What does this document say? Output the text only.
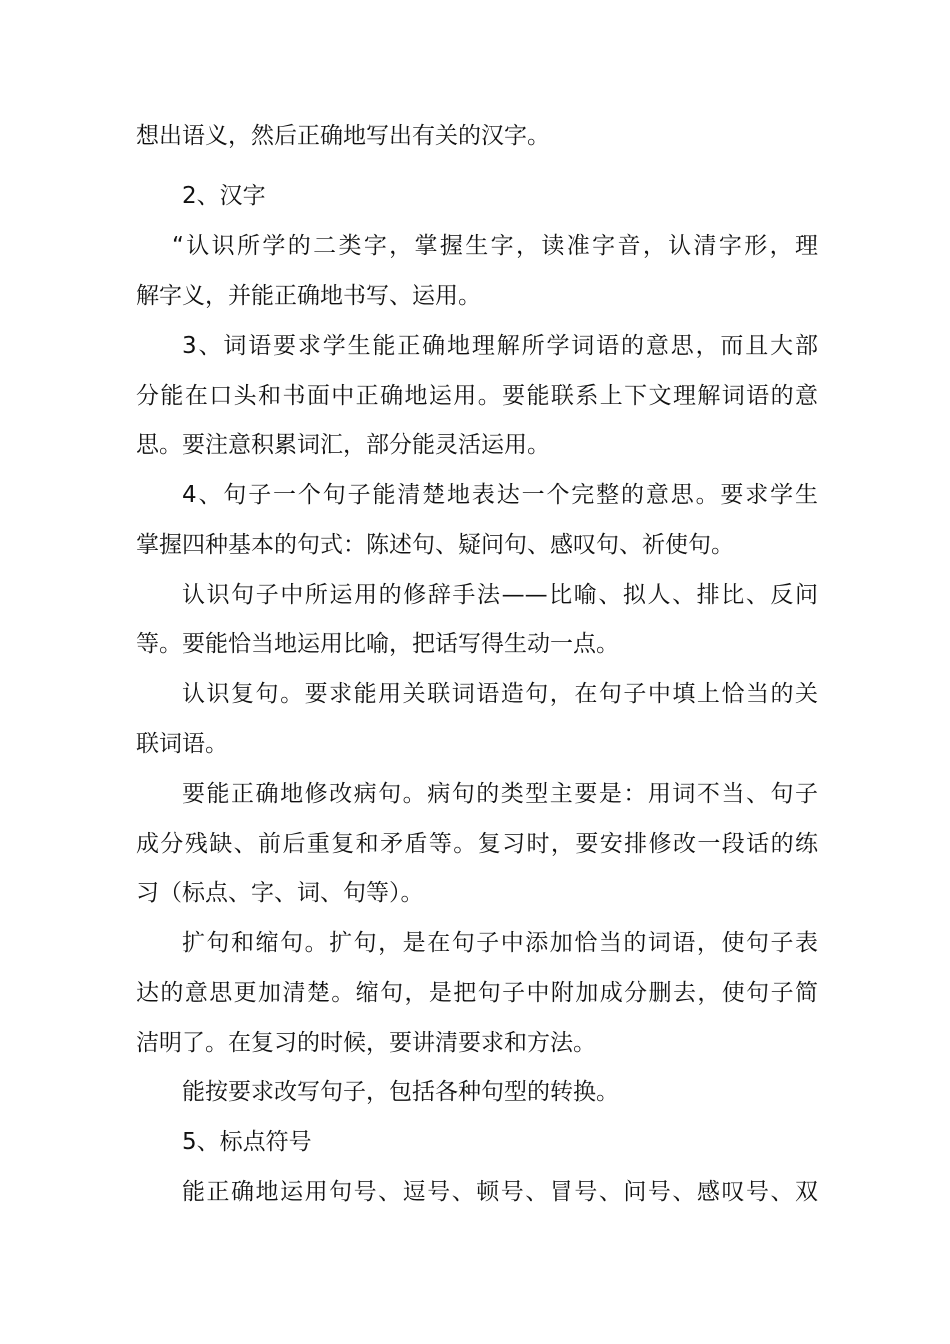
想出语义，然后正确地写出有关的汉字。
2、汉字
“认识所学的二类字，掌握生字，读准字音，认清字形，理
解字义，并能正确地书写、运用。
3、词语要求学生能正确地理解所学词语的意思，而且大部
分能在口头和书面中正确地运用。要能联系上下文理解词语的意
思。要注意积累词汇，部分能灵活运用。
4、句子一个句子能清楚地表达一个完整的意思。要求学生
掌握四种基本的句式：陈述句、疑问句、感叹句、祈使句。
认识句子中所运用的修辞手法——比喻、拟人、排比、反问
等。要能恰当地运用比喻，把话写得生动一点。
认识复句。要求能用关联词语造句，在句子中填上恰当的关
联词语。
要能正确地修改病句。病句的类型主要是：用词不当、句子
成分残缺、前后重复和矛盾等。复习时，要安排修改一段话的练
习（标点、字、词、句等）。
扩句和缩句。扩句，是在句子中添加恰当的词语，使句子表
达的意思更加清楚。缩句，是把句子中附加成分删去，使句子简
洁明了。在复习的时候，要讲清要求和方法。
能按要求改写句子，包括各种句型的转换。
5、标点符号
能正确地运用句号、逗号、顿号、冒号、问号、感叹号、双
